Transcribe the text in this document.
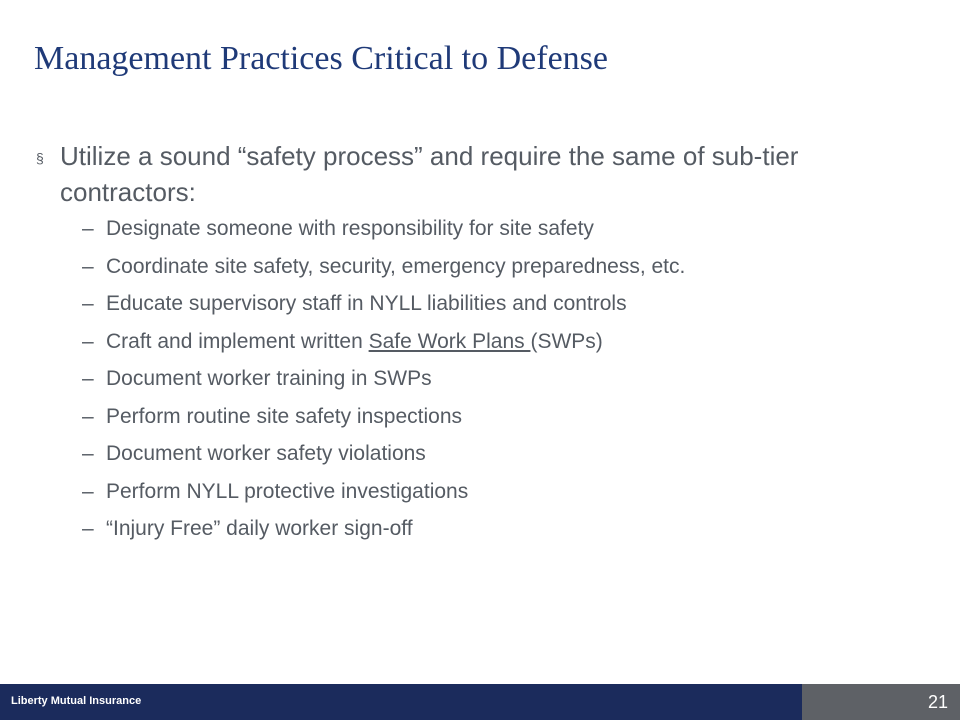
Management Practices Critical to Defense
§ Utilize a sound “safety process” and require the same of sub-tier contractors:

– Designate someone with responsibility for site safety
– Coordinate site safety, security, emergency preparedness, etc.
– Educate supervisory staff in NYLL liabilities and controls
– Craft and implement written Safe Work Plans (SWPs)
– Document worker training in SWPs
– Perform routine site safety inspections
– Document worker safety violations
– Perform NYLL protective investigations
– “Injury Free” daily worker sign-off
Liberty Mutual Insurance	21
